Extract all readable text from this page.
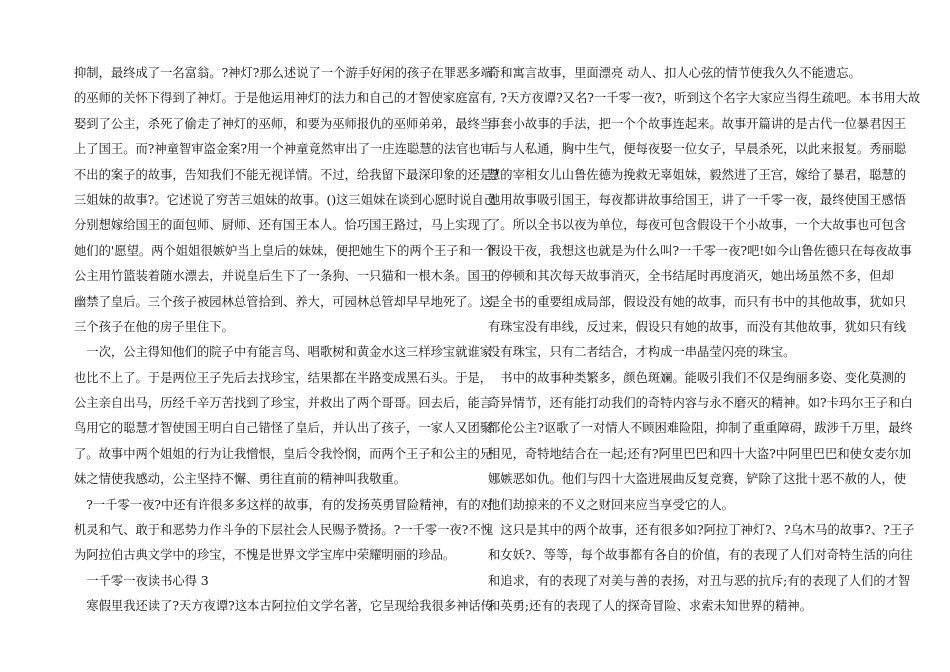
抑制，最终成了一名富翁。?神灯?那么述说了一个游手好闲的孩子在罪恶多端
的巫师的关怀下得到了神灯。于是他运用神灯的法力和自己的才智使家庭富有,
娶到了公主，杀死了偷走了神灯的巫师，和要为巫师报仇的巫师弟弟，最终当
上了国王。而?神童智审盗金案?用一个神童竟然审出了一庄连聪慧的法官也审
不出的案子的故事，告知我们不能无视详情。不过，给我留下最深印象的还是?
三姐妹的故事?。它述说了穷苦三姐妹的故事。()这三姐妹在谈到心愿时说自己
分别想嫁给国王的面包师、厨师、还有国王本人。恰巧国王路过，马上实现了
她们的'愿望。两个姐姐很嫉妒当上皇后的妹妹，便把她生下的两个王子和一个
公主用竹篮装着随水漂去，并说皇后生下了一条狗、一只猫和一根木条。国王
幽禁了皇后。三个孩子被园林总管拾到、养大，可园林总管却早早地死了。这
三个孩子在他的房子里住下。
　一次，公主得知他们的院子中有能言鸟、唱歌树和黄金水这三样珍宝就谁家
也比不上了。于是两位王子先后去找珍宝，结果都在半路变成黑石头。于是，
公主亲自出马，历经千辛万苦找到了珍宝，并救出了两个哥哥。回去后，能言
鸟用它的聪慧才智使国王明白自己错怪了皇后，并认出了孩子，一家人又团聚
了。故事中两个姐姐的行为让我憎恨，皇后令我怜悯，而两个王子和公主的兄
妹之情使我感动，公主坚持不懈、勇往直前的精神叫我敬重。
　?一千零一夜?中还有许很多多这样的故事，有的发扬英勇冒险精神，有的对
机灵和气、敢于和恶势力作斗争的下层社会人民赐予赞扬。?一千零一夜?不愧
为阿拉伯古典文学中的珍宝，不愧是世界文学宝库中荣耀明丽的珍品。
　一千零一夜读书心得 3
　寒假里我还读了?天方夜谭?这本古阿拉伯文学名著，它呈现给我很多神话传
奇和寓言故事，里面漂亮 动人、扣人心弦的情节使我久久不能遗忘。
　?天方夜谭?又名?一千零一夜?，听到这个名字大家应当得生疏吧。本书用大故
事套小故事的手法，把一个个故事连起来。故事开篇讲的是古代一位暴君因王
后与人私通，胸中生气，便每夜娶一位女子，早晨杀死，以此来报复。秀丽聪
慧的宰相女儿山鲁佐德为挽救无辜姐妹，毅然进了王宫，嫁给了暴君，聪慧的
她用故事吸引国王，每夜都讲故事给国王，讲了一千零一夜，最终使国王感悟
了。所以全书以夜为单位，每夜可包含假设干个小故事，一个大故事也可包含
假设干夜，我想这也就是为什么叫?一千零一夜?吧!如今山鲁佐德只在每夜故事
的停顿和其次每天故事消灭，全书结尾时再度消灭，她出场虽然不多，但却
是全书的重要组成局部，假设没有她的故事，而只有书中的其他故事，犹如只
有珠宝没有串线，反过来，假设只有她的故事，而没有其他故事，犹如只有线
没有珠宝，只有二者结合，才构成一串晶莹闪亮的珠宝。
　书中的故事种类繁多，颜色斑斓。能吸引我们不仅是绚丽多姿、变化莫测的
奇异情节，还有能打动我们的奇特内容与永不磨灭的精神。如?卡玛尔王子和白
都伦公主?讴歌了一对情人不顾困难险阻，抑制了重重障碍，跋涉千万里，最终
相见，奇特地结合在一起;还有?阿里巴巴和四十大盗?中阿里巴巴和使女麦尔加
娜嫉恶如仇。他们与四十大盗进展曲反复竞赛，铲除了这批十恶不赦的人，使
他们劫掠来的不义之财回来应当享受它的人。
　这只是其中的两个故事，还有很多如?阿拉丁神灯?、?乌木马的故事?、?王子
和女妖?、等等，每个故事都有各自的价值，有的表现了人们对奇特生活的向往
和追求，有的表现了对美与善的表扬，对丑与恶的抗斥;有的表现了人们的才智
和英勇;还有的表现了人的探奇冒险、求索未知世界的精神。
